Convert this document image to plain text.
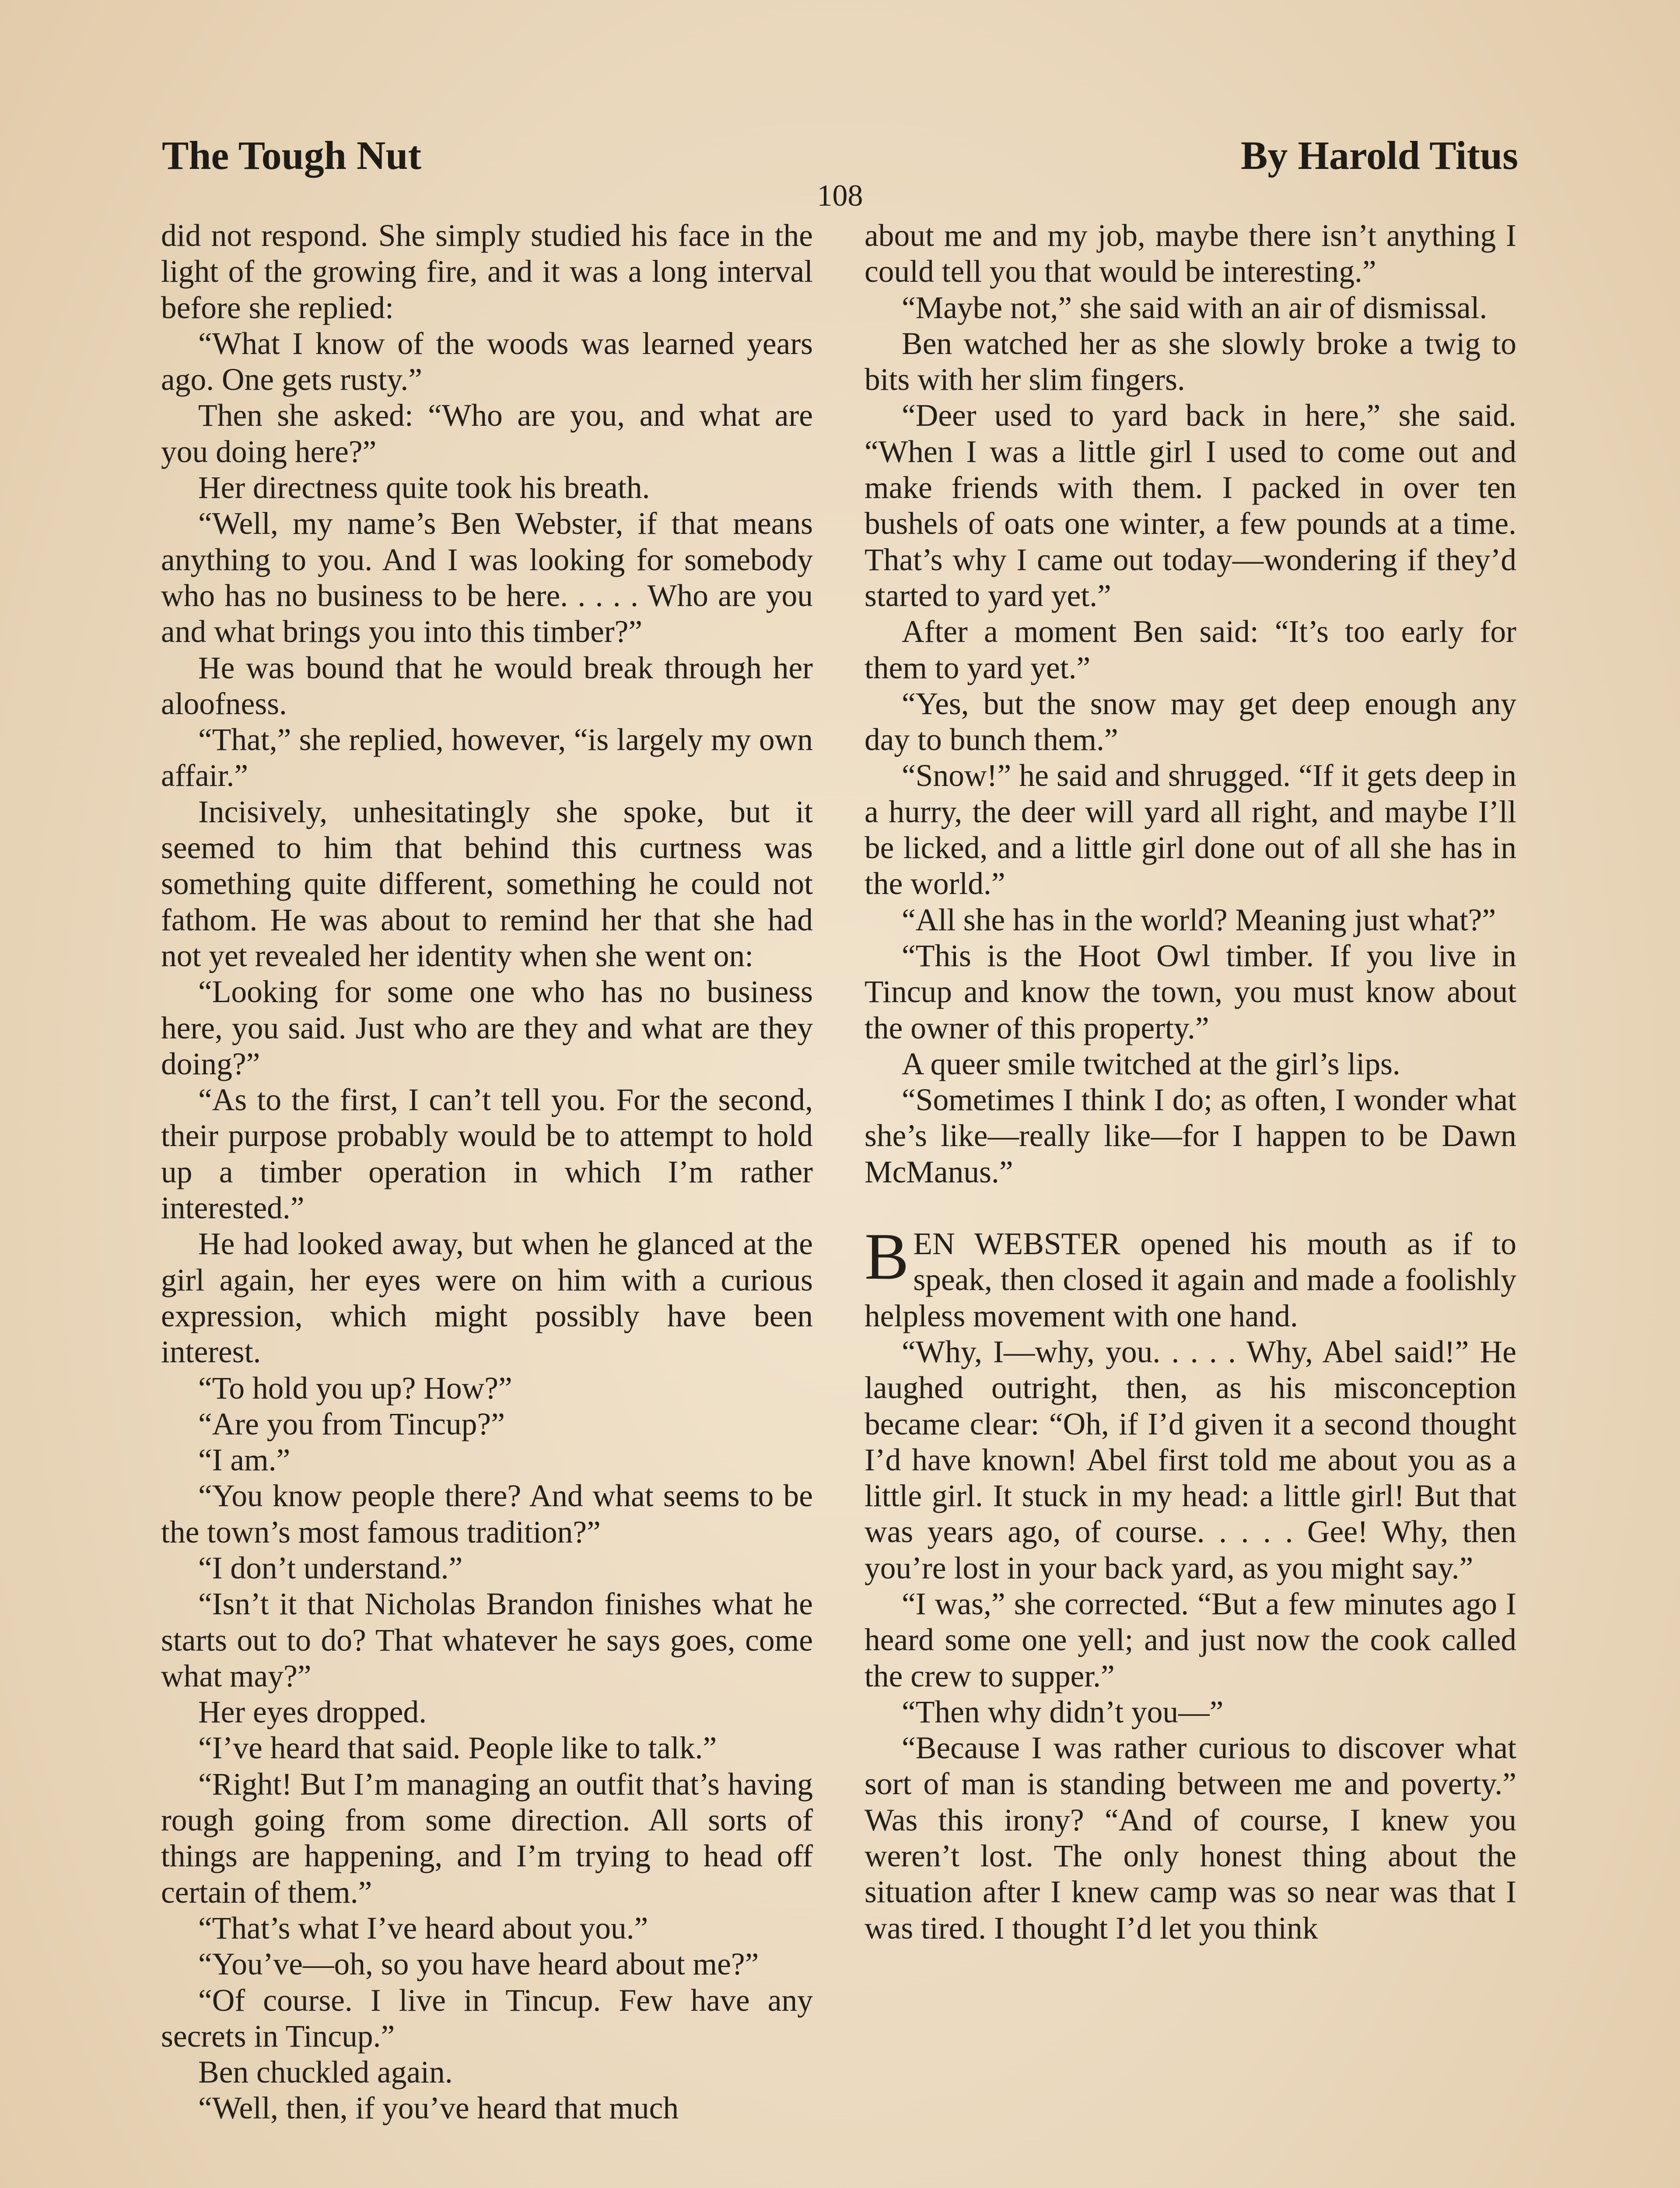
The Tough Nut	By Harold Titus
108

did not respond. She simply studied his face in the light of the growing fire, and it was a long interval before she replied:

“What I know of the woods was learned years ago. One gets rusty.”

Then she asked: “Who are you, and what are you doing here?”

Her directness quite took his breath.

“Well, my name’s Ben Webster, if that means anything to you. And I was looking for somebody who has no business to be here. . . . . Who are you and what brings you into this timber?”

He was bound that he would break through her aloofness.

“That,” she replied, however, “is largely my own affair.”

Incisively, unhesitatingly she spoke, but it seemed to him that behind this curtness was something quite different, something he could not fathom. He was about to remind her that she had not yet revealed her identity when she went on:

“Looking for some one who has no business here, you said. Just who are they and what are they doing?”

“As to the first, I can’t tell you. For the second, their purpose probably would be to attempt to hold up a timber operation in which I’m rather interested.”

He had looked away, but when he glanced at the girl again, her eyes were on him with a curious expression, which might possibly have been interest.

“To hold you up? How?”

“Are you from Tincup?”

“I am.”

“You know people there? And what seems to be the town’s most famous tradition?”

“I don’t understand.”

“Isn’t it that Nicholas Brandon finishes what he starts out to do? That whatever he says goes, come what may?”

Her eyes dropped.

“I’ve heard that said. People like to talk.”

“Right! But I’m managing an outfit that’s having rough going from some direction. All sorts of things are happening, and I’m trying to head off certain of them.”

“That’s what I’ve heard about you.”

“You’ve—oh, so you have heard about me?”

“Of course. I live in Tincup. Few have any secrets in Tincup.”

Ben chuckled again.

“Well, then, if you’ve heard that much

about me and my job, maybe there isn’t anything I could tell you that would be interesting.”

“Maybe not,” she said with an air of dismissal.

Ben watched her as she slowly broke a twig to bits with her slim fingers.

“Deer used to yard back in here,” she said. “When I was a little girl I used to come out and make friends with them. I packed in over ten bushels of oats one winter, a few pounds at a time. That’s why I came out today—wondering if they’d started to yard yet.”

After a moment Ben said: “It’s too early for them to yard yet.”

“Yes, but the snow may get deep enough any day to bunch them.”

“Snow!” he said and shrugged. “If it gets deep in a hurry, the deer will yard all right, and maybe I’ll be licked, and a little girl done out of all she has in the world.”

“All she has in the world? Meaning just what?”

“This is the Hoot Owl timber. If you live in Tincup and know the town, you must know about the owner of this property.”

A queer smile twitched at the girl’s lips.

“Sometimes I think I do; as often, I wonder what she’s like—really like—for I happen to be Dawn McManus.”

BEN WEBSTER opened his mouth as if to speak, then closed it again and made a foolishly helpless movement with one hand.

“Why, I—why, you. . . . . Why, Abel said!” He laughed outright, then, as his misconception became clear: “Oh, if I’d given it a second thought I’d have known! Abel first told me about you as a little girl. It stuck in my head: a little girl! But that was years ago, of course. . . . . Gee! Why, then you’re lost in your back yard, as you might say.”

“I was,” she corrected. “But a few minutes ago I heard some one yell; and just now the cook called the crew to supper.”

“Then why didn’t you—”

“Because I was rather curious to discover what sort of man is standing between me and poverty.” Was this irony? “And of course, I knew you weren’t lost. The only honest thing about the situation after I knew camp was so near was that I was tired. I thought I’d let you think
